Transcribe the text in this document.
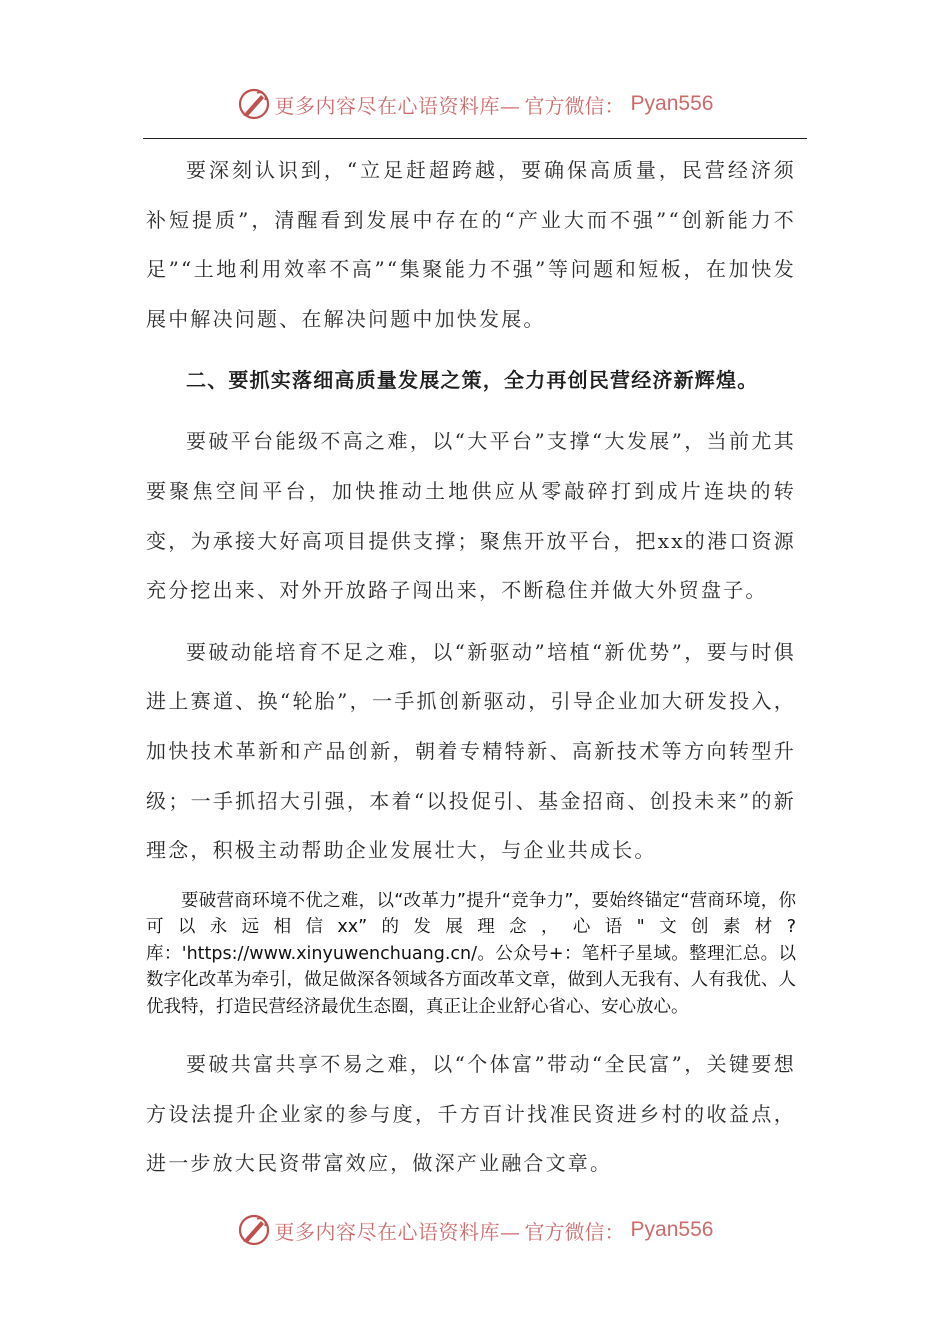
更多内容尽在心语资料库— 官方微信： Pyan556

要深刻认识到，“立足赶超跨越，要确保高质量，民营经济须补短提质”，清醒看到发展中存在的“产业大而不强”“创新能力不足”“土地利用效率不高”“集聚能力不强”等问题和短板，在加快发展中解决问题、在解决问题中加快发展。

二、要抓实落细高质量发展之策，全力再创民营经济新辉煌。

要破平台能级不高之难，以“大平台”支撑“大发展”，当前尤其要聚焦空间平台，加快推动土地供应从零敲碎打到成片连块的转变，为承接大好高项目提供支撑；聚焦开放平台，把xx的港口资源充分挖出来、对外开放路子闯出来，不断稳住并做大外贸盘子。

要破动能培育不足之难，以“新驱动”培植“新优势”，要与时俱进上赛道、换“轮胎”，一手抓创新驱动，引导企业加大研发投入，加快技术革新和产品创新，朝着专精特新、高新技术等方向转型升级；一手抓招大引强，本着“以投促引、基金招商、创投未来”的新理念，积极主动帮助企业发展壮大，与企业共成长。

要破营商环境不优之难，以“改革力”提升“竞争力”，要始终锚定“营商环境，你可以永远相信xx”的发展理念，心语"文创素材?库：'https://www.xinyuwenchuang.cn/。公众号+：笔杆子星域。整理汇总。以数字化改革为牵引，做足做深各领域各方面改革文章，做到人无我有、人有我优、人优我特，打造民营经济最优生态圈，真正让企业舒心省心、安心放心。

要破共富共享不易之难，以“个体富”带动“全民富”，关键要想方设法提升企业家的参与度，千方百计找准民资进乡村的收益点，进一步放大民资带富效应，做深产业融合文章。

更多内容尽在心语资料库— 官方微信： Pyan556
